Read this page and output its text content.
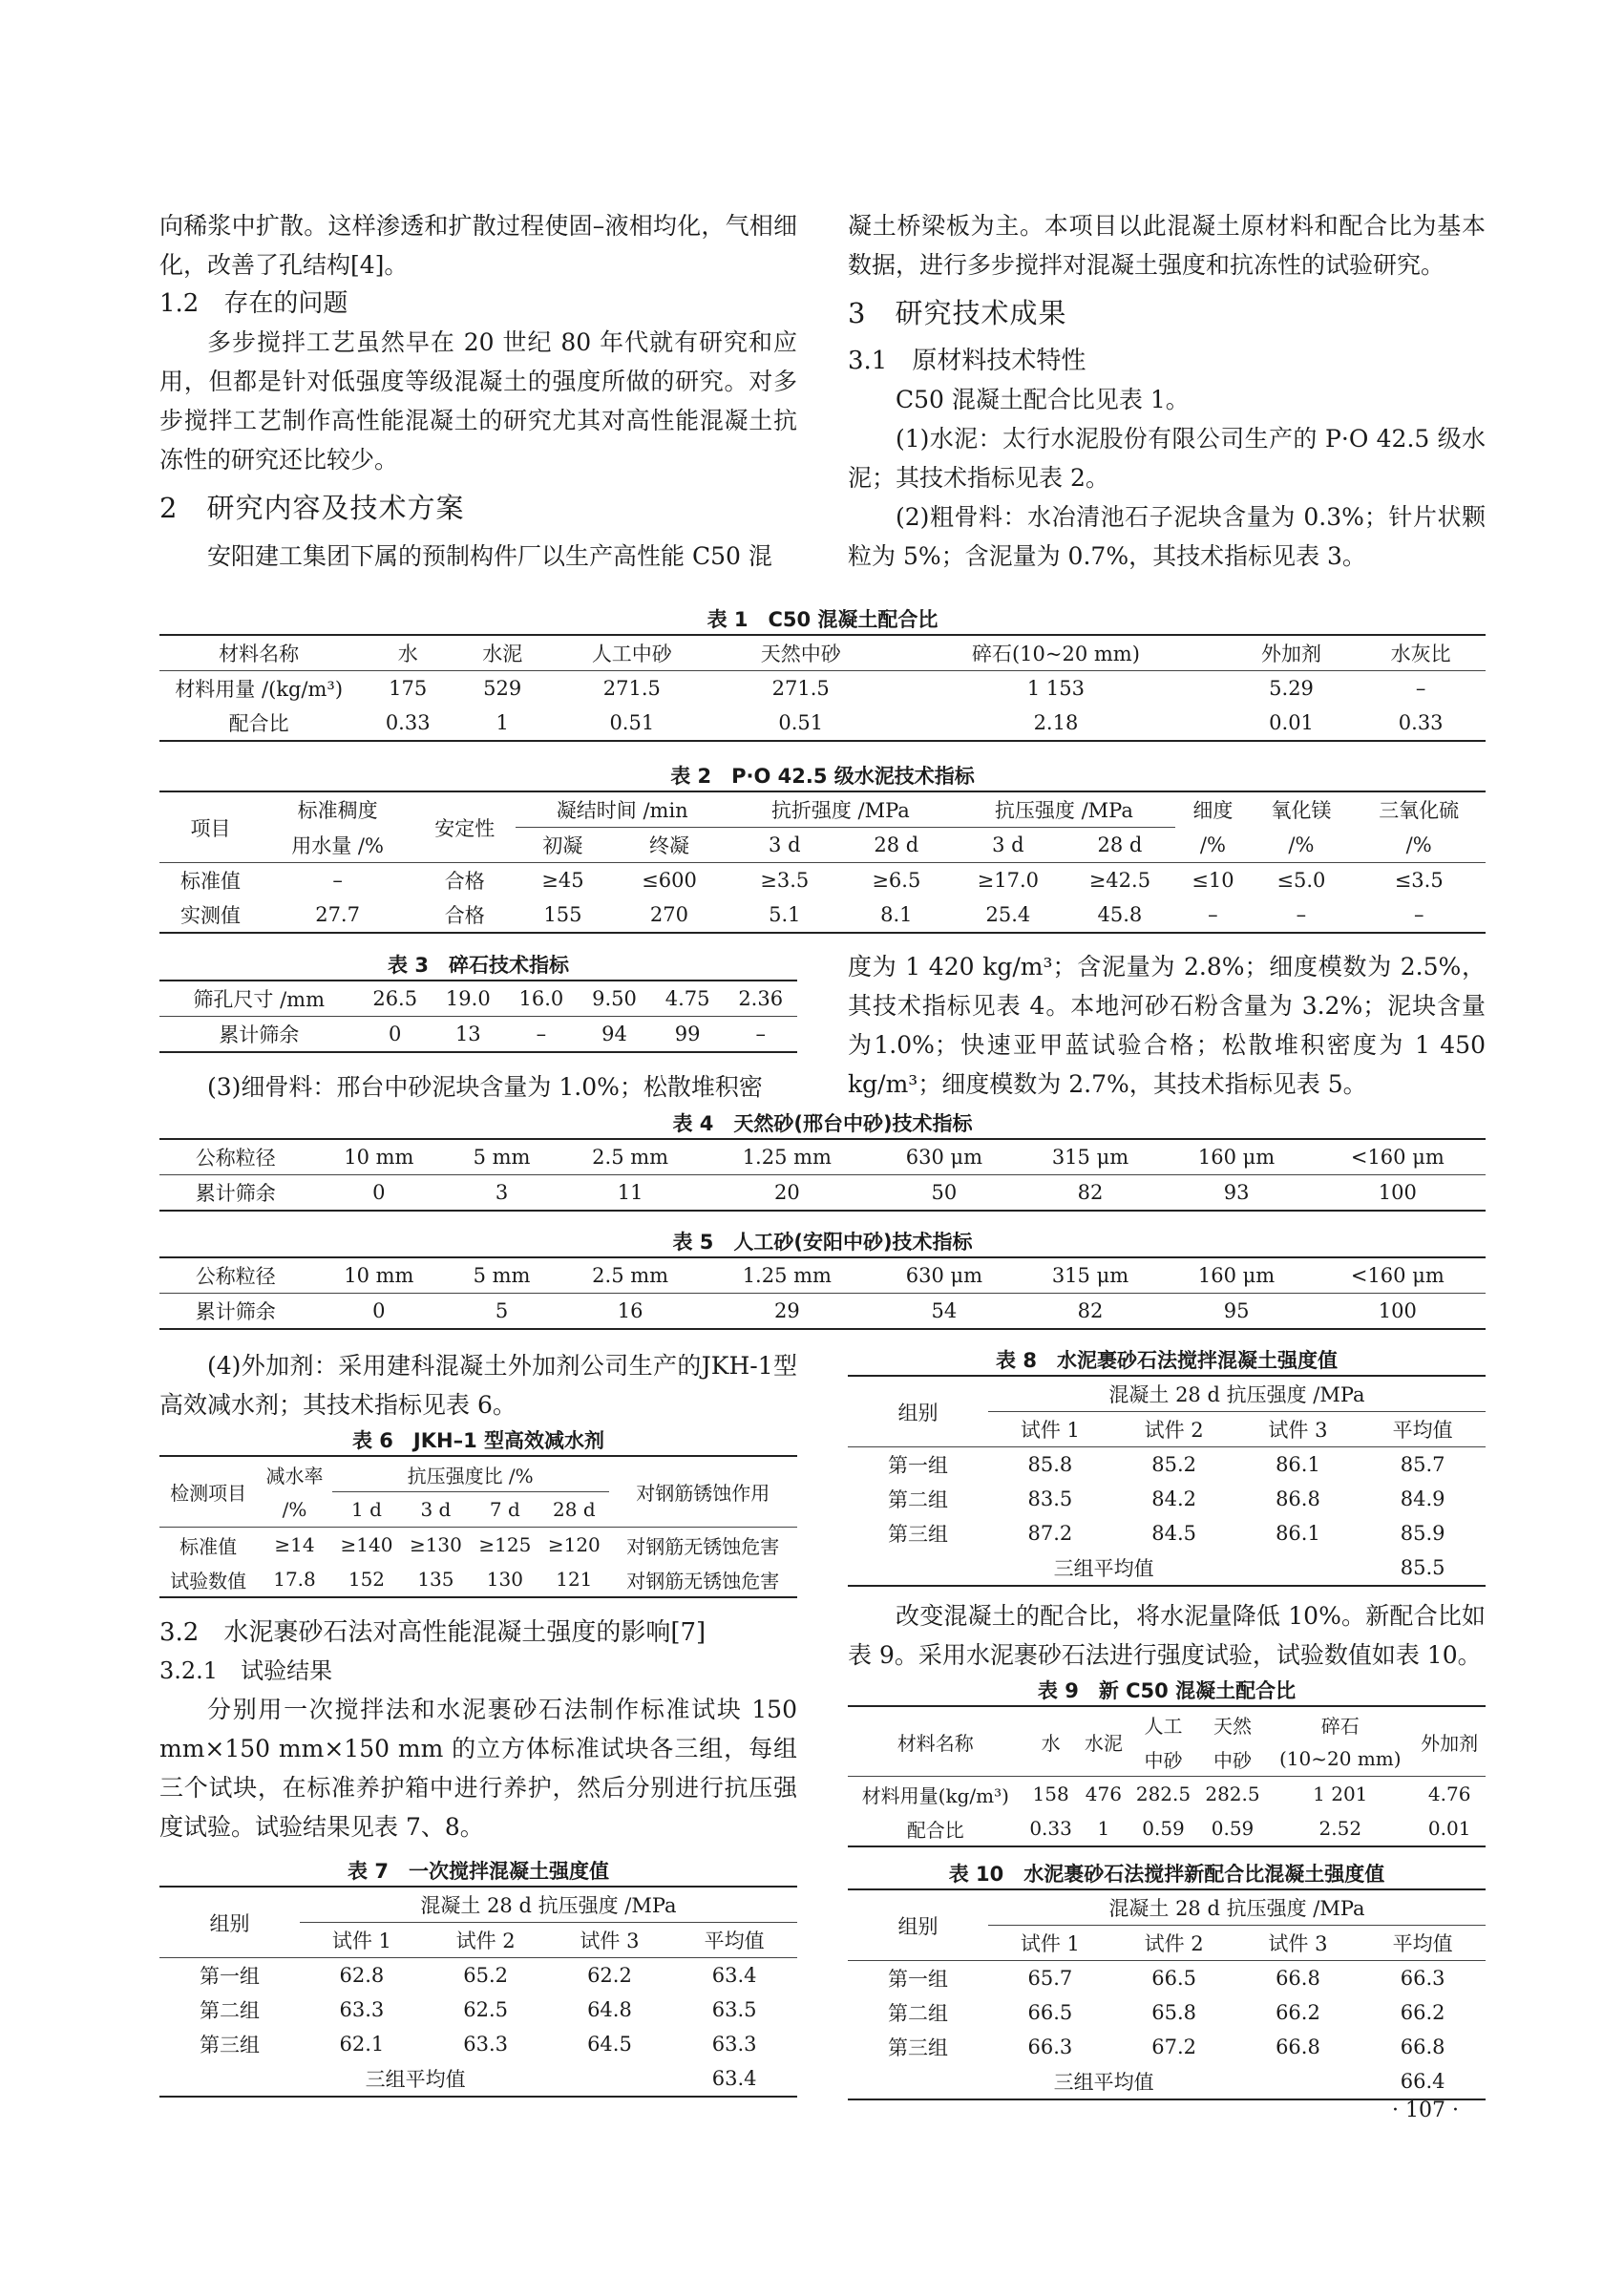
向稀浆中扩散。这样渗透和扩散过程使固–液相均化，气相细化，改善了孔结构[4]。

1.2　存在的问题

多步搅拌工艺虽然早在 20 世纪 80 年代就有研究和应用，但都是针对低强度等级混凝土的强度所做的研究。对多步搅拌工艺制作高性能混凝土的研究尤其对高性能混凝土抗冻性的研究还比较少。

2　研究内容及技术方案

安阳建工集团下属的预制构件厂以生产高性能 C50 混

凝土桥梁板为主。本项目以此混凝土原材料和配合比为基本数据，进行多步搅拌对混凝土强度和抗冻性的试验研究。

3　研究技术成果

3.1　原材料技术特性

C50 混凝土配合比见表 1。

(1)水泥：太行水泥股份有限公司生产的 P·O 42.5 级水泥；其技术指标见表 2。

(2)粗骨料：水冶清池石子泥块含量为 0.3%；针片状颗粒为 5%；含泥量为 0.7%，其技术指标见表 3。

表 1　C50 混凝土配合比
材料名称	水	水泥	人工中砂	天然中砂	碎石(10~20 mm)	外加剂	水灰比
材料用量 /(kg/m³)	175	529	271.5	271.5	1 153	5.29	–
配合比	0.33	1	0.51	0.51	2.18	0.01	0.33
表 2　P·O 42.5 级水泥技术指标
项目	标准稠度	安定性	凝结时间 /min		抗折强度 /MPa		抗压强度 /MPa		细度	氧化镁	三氧化硫
	用水量 /%		初凝	终凝	3 d	28 d	3 d	28 d	/%	/%	/%
标准值	–	合格	≥45	≤600	≥3.5	≥6.5	≥17.0	≥42.5	≤10	≤5.0	≤3.5
实测值	27.7	合格	155	270	5.1	8.1	25.4	45.8	–	–	–
表 3　碎石技术指标
筛孔尺寸 /mm	26.5	19.0	16.0	9.50	4.75	2.36
累计筛余	0	13	–	94	99	–

(3)细骨料：邢台中砂泥块含量为 1.0%；松散堆积密

度为 1 420 kg/m³；含泥量为 2.8%；细度模数为 2.5%，其技术指标见表 4。本地河砂石粉含量为 3.2%；泥块含量为1.0%；快速亚甲蓝试验合格；松散堆积密度为 1 450 kg/m³；细度模数为 2.7%，其技术指标见表 5。

表 4　天然砂(邢台中砂)技术指标
公称粒径	10 mm	5 mm	2.5 mm	1.25 mm	630 μm	315 μm	160 μm	<160 μm
累计筛余	0	3	11	20	50	82	93	100
表 5　人工砂(安阳中砂)技术指标
公称粒径	10 mm	5 mm	2.5 mm	1.25 mm	630 μm	315 μm	160 μm	<160 μm
累计筛余	0	5	16	29	54	82	95	100

(4)外加剂：采用建科混凝土外加剂公司生产的JKH-1型高效减水剂；其技术指标见表 6。

表 6　JKH–1 型高效减水剂
检测项目	减水率	抗压强度比 /%				对钢筋锈蚀作用
	/%	1 d	3 d	7 d	28 d	
标准值	≥14	≥140	≥130	≥125	≥120	对钢筋无锈蚀危害
试验数值	17.8	152	135	130	121	对钢筋无锈蚀危害

3.2　水泥裹砂石法对高性能混凝土强度的影响[7]

3.2.1　试验结果

分别用一次搅拌法和水泥裹砂石法制作标准试块 150 mm×150 mm×150 mm 的立方体标准试块各三组，每组三个试块，在标准养护箱中进行养护，然后分别进行抗压强度试验。试验结果见表 7、8。

表 7　一次搅拌混凝土强度值
组别	混凝土 28 d 抗压强度 /MPa			
	试件 1	试件 2	试件 3	平均值
第一组	62.8	65.2	62.2	63.4
第二组	63.3	62.5	64.8	63.5
第三组	62.1	63.3	64.5	63.3
三组平均值				63.4
表 8　水泥裹砂石法搅拌混凝土强度值
组别	混凝土 28 d 抗压强度 /MPa			
	试件 1	试件 2	试件 3	平均值
第一组	85.8	85.2	86.1	85.7
第二组	83.5	84.2	86.8	84.9
第三组	87.2	84.5	86.1	85.9
三组平均值				85.5

改变混凝土的配合比，将水泥量降低 10%。新配合比如表 9。采用水泥裹砂石法进行强度试验，试验数值如表 10。

表 9　新 C50 混凝土配合比
材料名称	水	水泥	人工	天然	碎石	外加剂
			中砂	中砂	(10~20 mm)	
材料用量(kg/m³)	158	476	282.5	282.5	1 201	4.76
配合比	0.33	1	0.59	0.59	2.52	0.01
表 10　水泥裹砂石法搅拌新配合比混凝土强度值
组别	混凝土 28 d 抗压强度 /MPa			
	试件 1	试件 2	试件 3	平均值
第一组	65.7	66.5	66.8	66.3
第二组	66.5	65.8	66.2	66.2
第三组	66.3	67.2	66.8	66.8
三组平均值				66.4
· 107 ·
